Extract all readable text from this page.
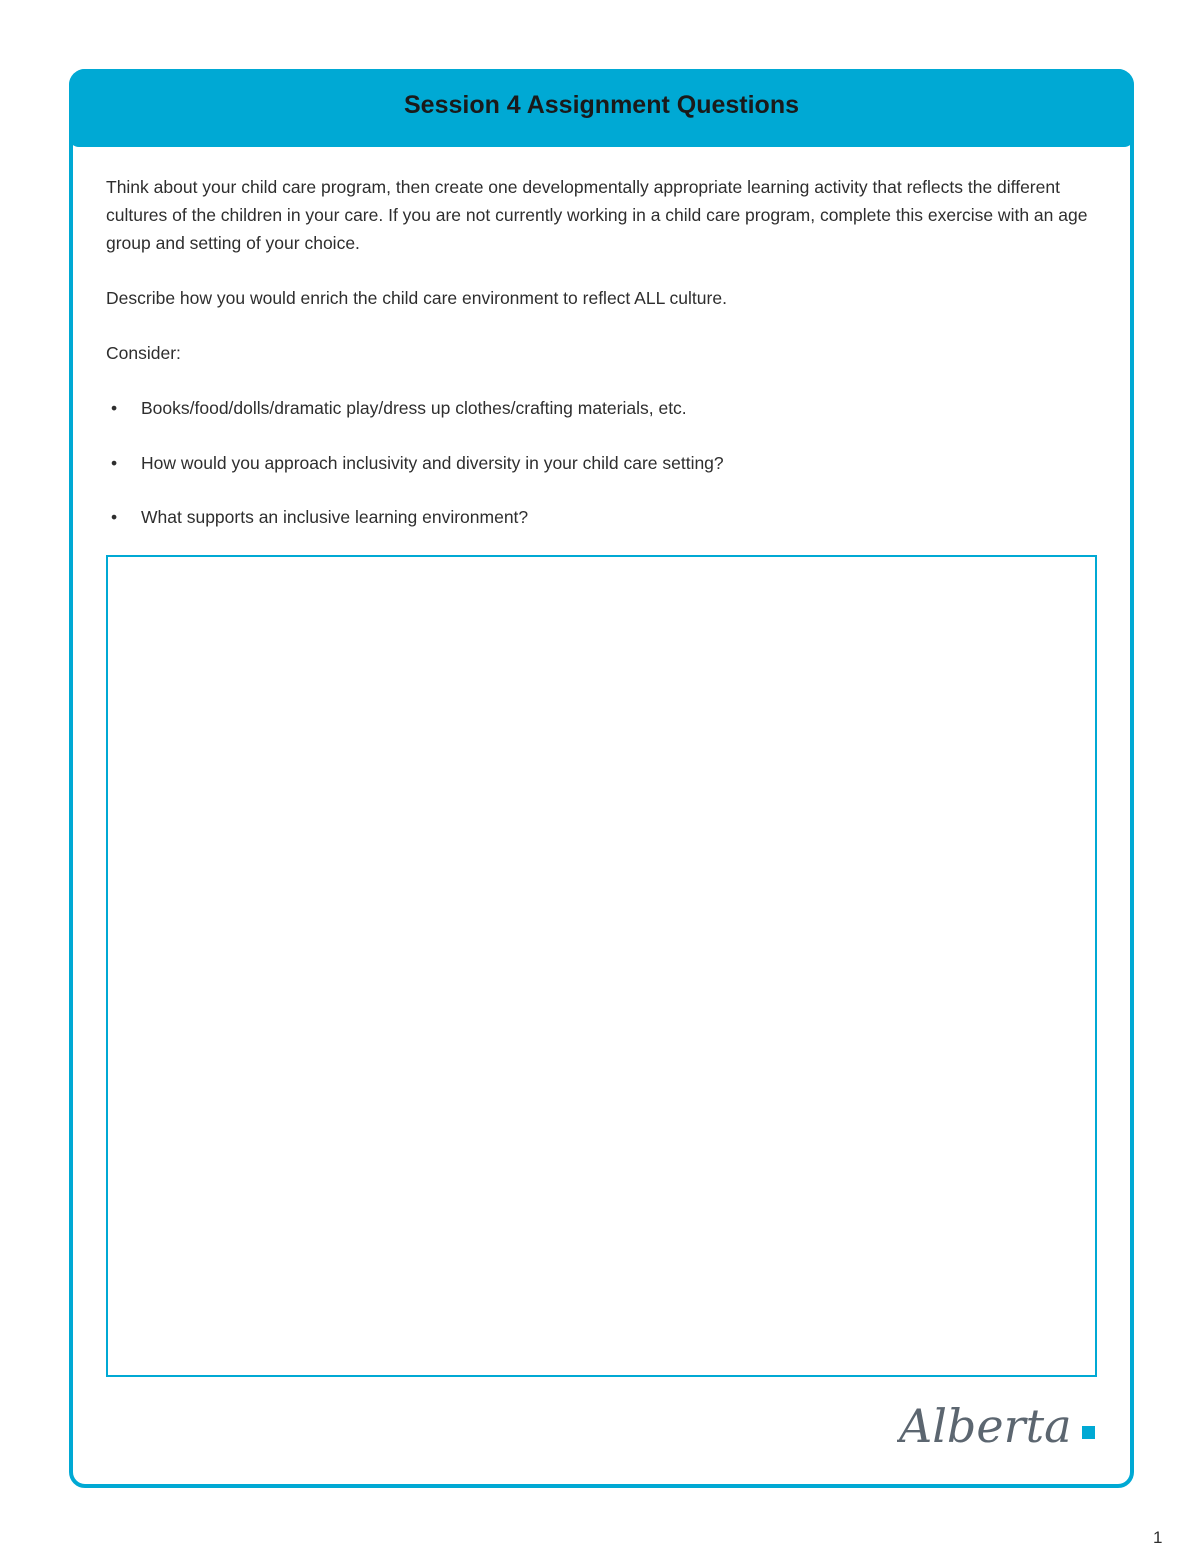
Session 4 Assignment Questions

Think about your child care program, then create one developmentally appropriate learning activity that reflects the different cultures of the children in your care. If you are not currently working in a child care program, complete this exercise with an age group and setting of your choice.

Describe how you would enrich the child care environment to reflect ALL culture.

Consider:

•	Books/food/dolls/dramatic play/dress up clothes/crafting materials, etc.
•	How would you approach inclusivity and diversity in your child care setting?
•	What supports an inclusive learning environment?
Alberta
1
